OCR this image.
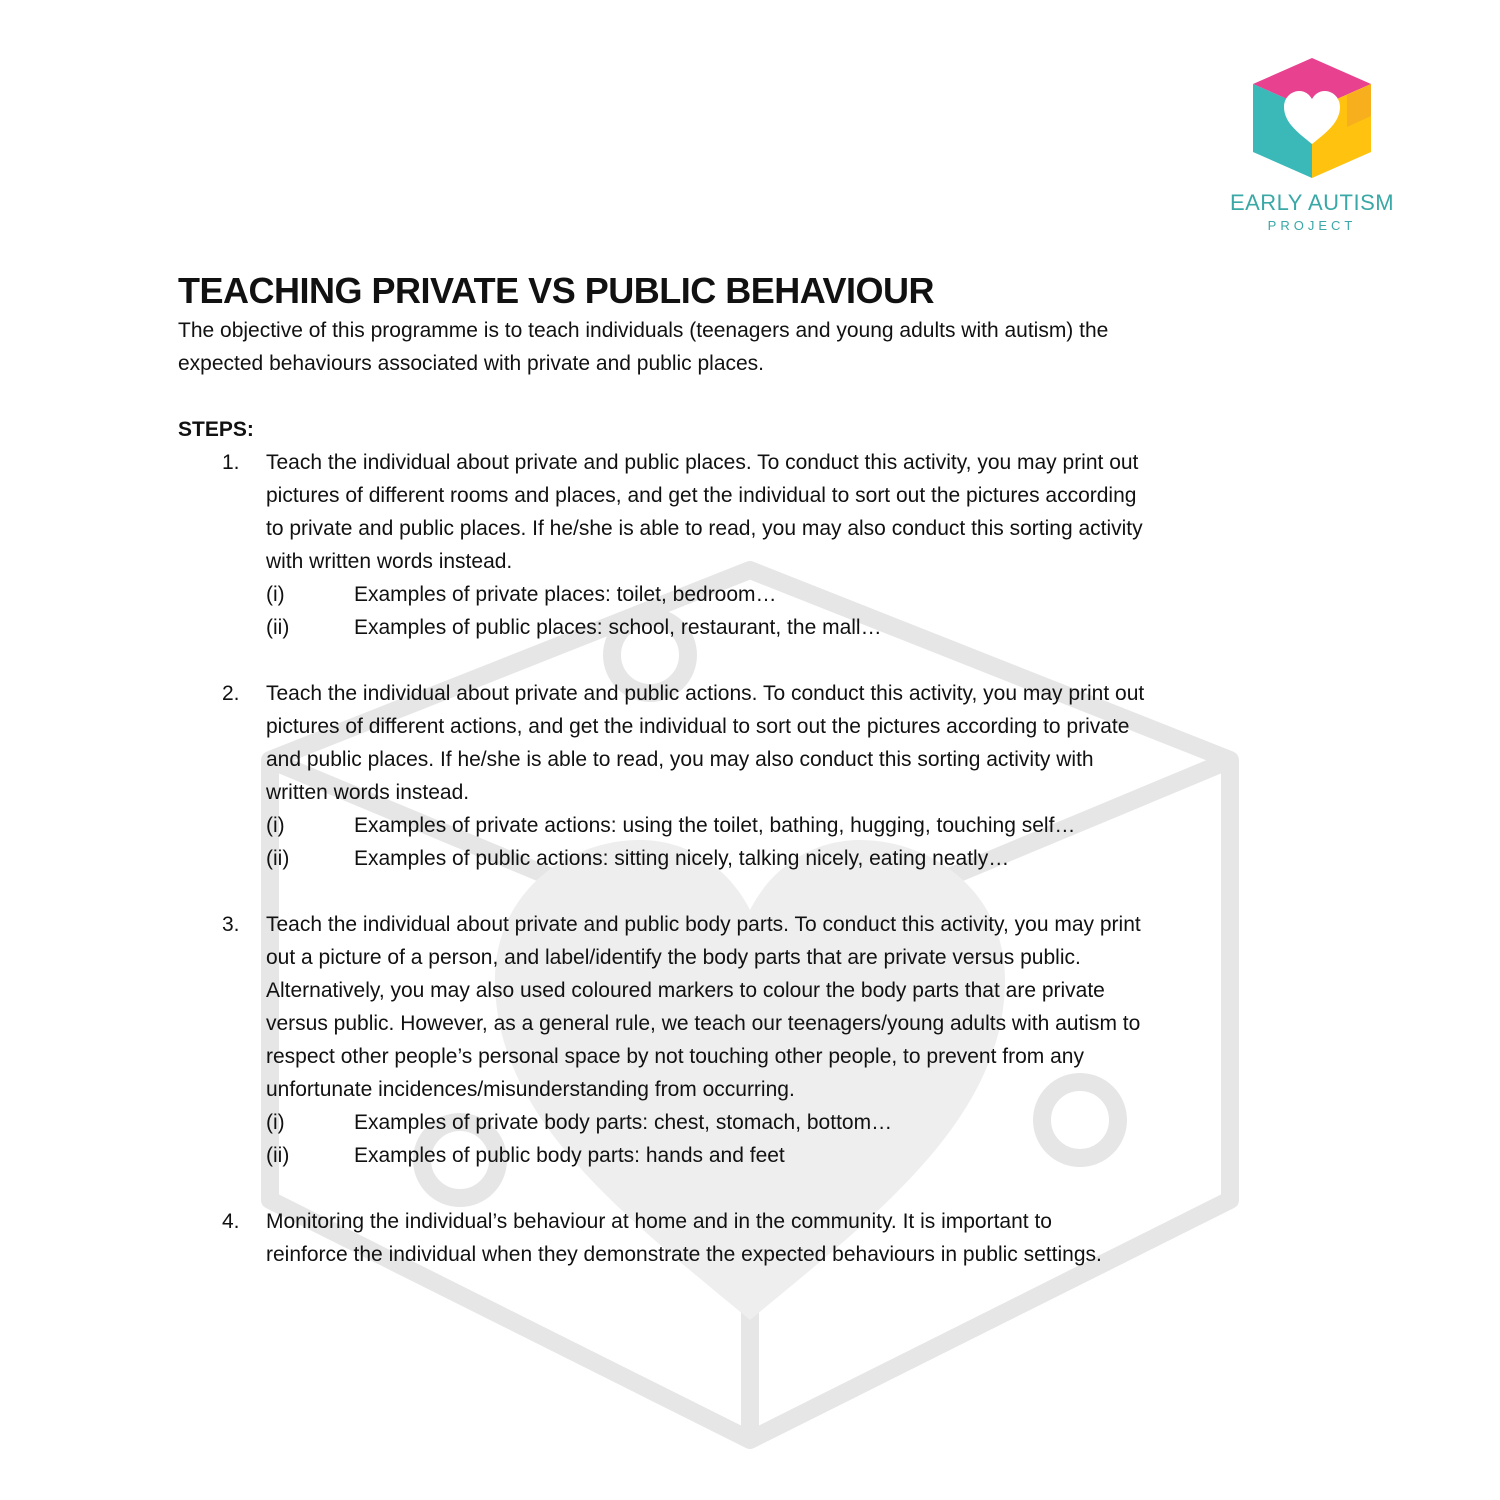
EARLY AUTISM
PROJECT
TEACHING PRIVATE VS PUBLIC BEHAVIOUR
The objective of this programme is to teach individuals (teenagers and young adults with autism) the
expected behaviours associated with private and public places.
STEPS:
1. Teach the individual about private and public places. To conduct this activity, you may print out
pictures of different rooms and places, and get the individual to sort out the pictures according
to private and public places. If he/she is able to read, you may also conduct this sorting activity
with written words instead.
(i)	Examples of private places: toilet, bedroom…
(ii)	Examples of public places: school, restaurant, the mall…
2. Teach the individual about private and public actions. To conduct this activity, you may print out
pictures of different actions, and get the individual to sort out the pictures according to private
and public places. If he/she is able to read, you may also conduct this sorting activity with
written words instead.
(i)	Examples of private actions: using the toilet, bathing, hugging, touching self…
(ii)	Examples of public actions: sitting nicely, talking nicely, eating neatly…
3. Teach the individual about private and public body parts. To conduct this activity, you may print
out a picture of a person, and label/identify the body parts that are private versus public.
Alternatively, you may also used coloured markers to colour the body parts that are private
versus public. However, as a general rule, we teach our teenagers/young adults with autism to
respect other people’s personal space by not touching other people, to prevent from any
unfortunate incidences/misunderstanding from occurring.
(i)	Examples of private body parts: chest, stomach, bottom…
(ii)	Examples of public body parts: hands and feet
4. Monitoring the individual’s behaviour at home and in the community. It is important to
reinforce the individual when they demonstrate the expected behaviours in public settings.
